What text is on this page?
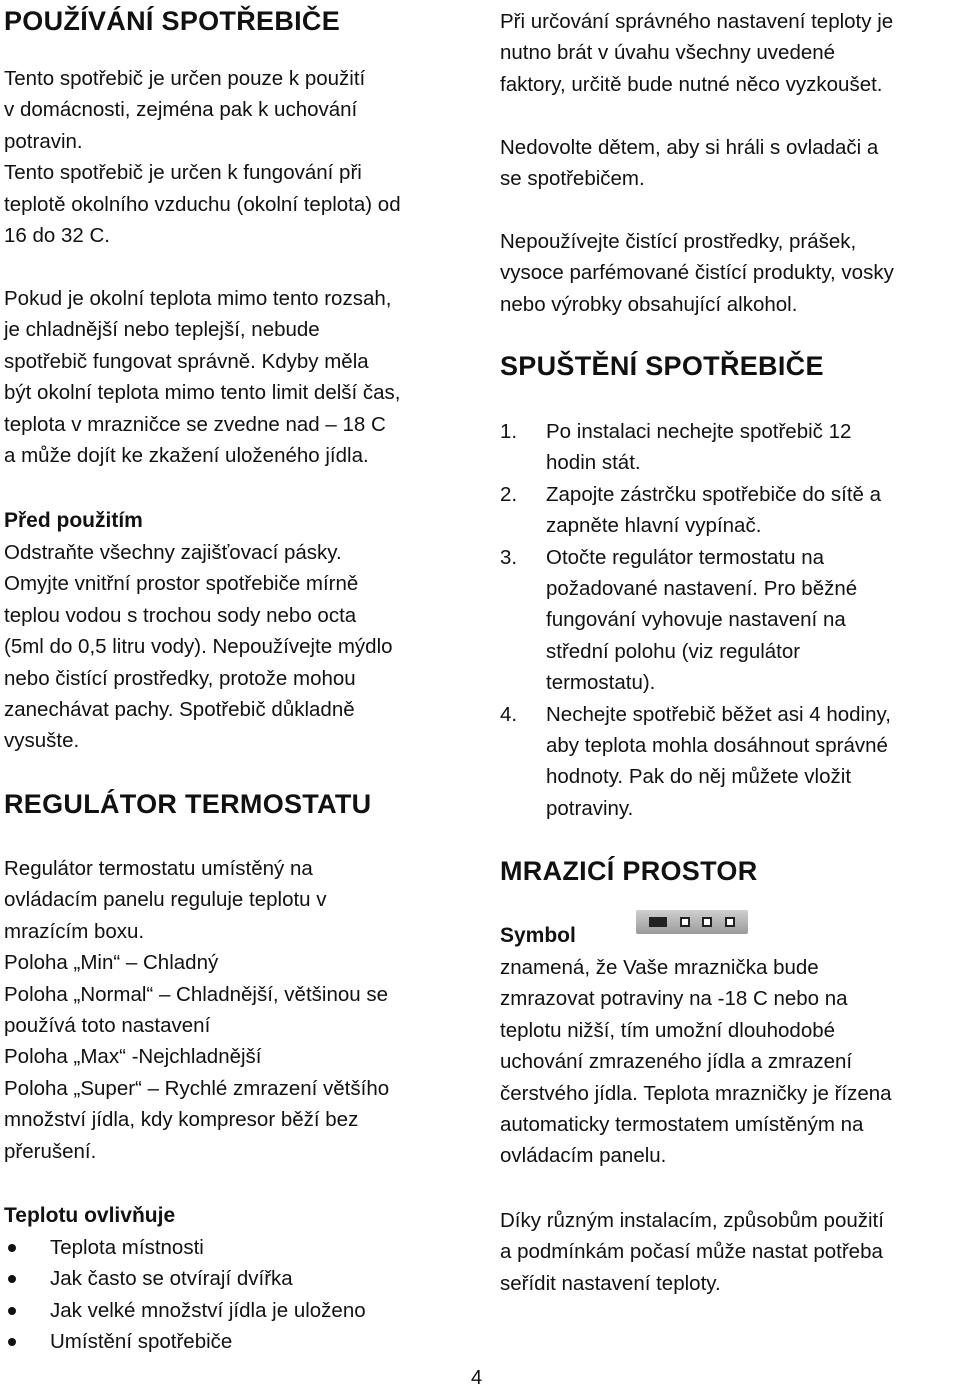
POUŽÍVÁNÍ SPOTŘEBIČE
Tento spotřebič je určen pouze k použití
v domácnosti, zejména pak k uchování
potravin.
Tento spotřebič je určen k fungování při
teplotě okolního vzduchu (okolní teplota) od
16 do 32 C.
Pokud je okolní teplota mimo tento rozsah,
je chladnější nebo teplejší, nebude
spotřebič fungovat správně. Kdyby měla
být okolní teplota mimo tento limit delší čas,
teplota v mrazničce se zvedne nad – 18 C
a může dojít ke zkažení uloženého jídla.
Před použitím
Odstraňte všechny zajišťovací pásky.
Omyjte vnitřní prostor spotřebiče mírně
teplou vodou s trochou sody nebo octa
(5ml do 0,5 litru vody). Nepoužívejte mýdlo
nebo čistící prostředky, protože mohou
zanechávat pachy. Spotřebič důkladně
vysušte.
REGULÁTOR TERMOSTATU
Regulátor termostatu umístěný na
ovládacím panelu reguluje teplotu v
mrazícím boxu.
Poloha „Min“ – Chladný
Poloha „Normal“ – Chladnější, většinou se
používá toto nastavení
Poloha „Max“ -Nejchladnější
Poloha „Super“ – Rychlé zmrazení většího
množství jídla, kdy kompresor běží bez
přerušení.
Teplotu ovlivňuje
Teplota místnosti
Jak často se otvírají dvířka
Jak velké množství jídla je uloženo
Umístění spotřebiče
Při určování správného nastavení teploty je
nutno brát v úvahu všechny uvedené
faktory, určitě bude nutné něco vyzkoušet.
Nedovolte dětem, aby si hráli s ovladači a
se spotřebičem.
Nepoužívejte čistící prostředky, prášek,
vysoce parfémované čistící produkty, vosky
nebo výrobky obsahující alkohol.
SPUŠTĚNÍ SPOTŘEBIČE
1. Po instalaci nechejte spotřebič 12
hodin stát.
2. Zapojte zástrčku spotřebiče do sítě a
zapněte hlavní vypínač.
3. Otočte regulátor termostatu na
požadované nastavení. Pro běžné
fungování vyhovuje nastavení na
střední polohu (viz regulátor
termostatu).
4. Nechejte spotřebič běžet asi 4 hodiny,
aby teplota mohla dosáhnout správné
hodnoty. Pak do něj můžete vložit
potraviny.
MRAZICÍ PROSTOR
Symbol
znamená, že Vaše mraznička bude
zmrazovat potraviny na -18 C nebo na
teplotu nižší, tím umožní dlouhodobé
uchování zmrazeného jídla a zmrazení
čerstvého jídla. Teplota mrazničky je řízena
automaticky termostatem umístěným na
ovládacím panelu.
Díky různým instalacím, způsobům použití
a podmínkám počasí může nastat potřeba
seřídit nastavení teploty.
4
